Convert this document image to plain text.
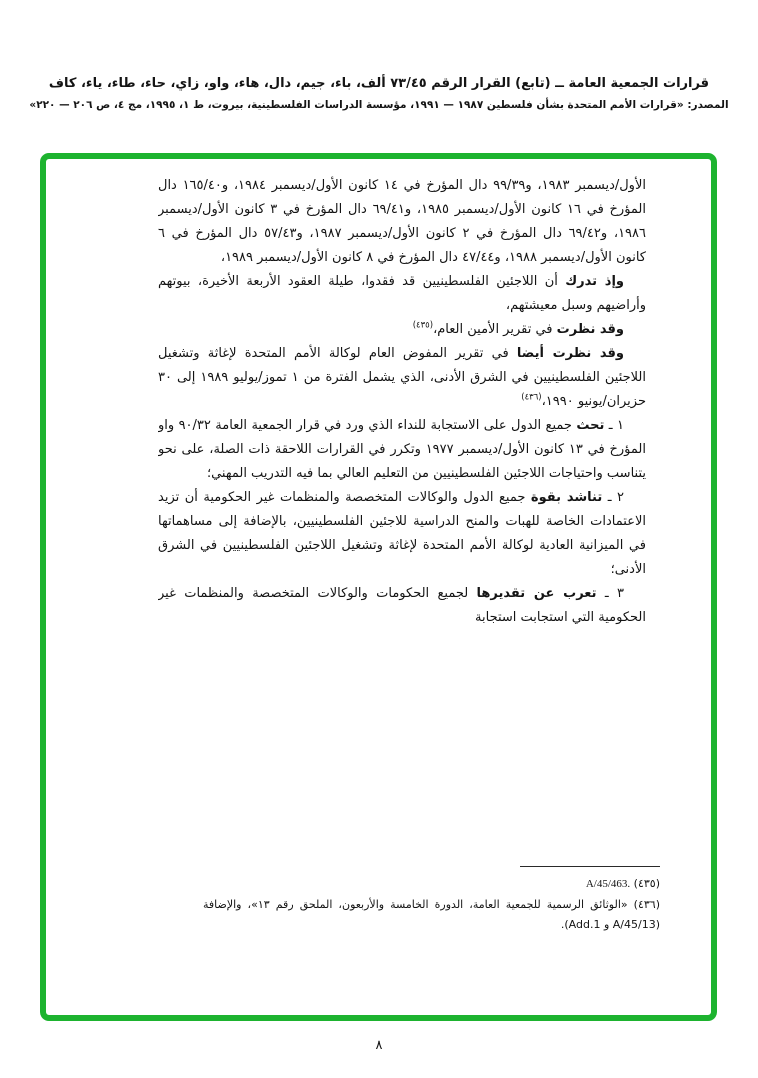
قرارات الجمعية العامة ــ (تابع) القرار الرقم ٧٣/٤٥ ألف، باء، جيم، دال، هاء، واو، زاي، حاء، طاء، ياء، كاف
المصدر: «قرارات الأمم المتحدة بشأن فلسطين ١٩٨٧ — ١٩٩١، مؤسسة الدراسات الفلسطينية، بيروت، ط ١، ١٩٩٥، مج ٤، ص ٢٠٦ — ٢٢٠»

الأول/ديسمبر ١٩٨٣، و٩٩/٣٩ دال المؤرخ في ١٤ كانون الأول/ديسمبر ١٩٨٤، و١٦٥/٤٠ دال المؤرخ في ١٦ كانون الأول/ديسمبر ١٩٨٥، و٦٩/٤١ دال المؤرخ في ٣ كانون الأول/ديسمبر ١٩٨٦، و٦٩/٤٢ دال المؤرخ في ٢ كانون الأول/ديسمبر ١٩٨٧، و٥٧/٤٣ دال المؤرخ في ٦ كانون الأول/ديسمبر ١٩٨٨، و٤٧/٤٤ دال المؤرخ في ٨ كانون الأول/ديسمبر ١٩٨٩،

وإذ تدرك أن اللاجئين الفلسطينيين قد فقدوا، طيلة العقود الأربعة الأخيرة، بيوتهم وأراضيهم وسبل معيشتهم،

وقد نظرت في تقرير الأمين العام،$^{(٤٣٥)}$

وقد نظرت أيضا في تقرير المفوض العام لوكالة الأمم المتحدة لإغاثة وتشغيل اللاجئين الفلسطينيين في الشرق الأدنى، الذي يشمل الفترة من ١ تموز/يوليو ١٩٨٩ إلى ٣٠ حزيران/يونيو ١٩٩٠،$^{(٤٣٦)}$

١ ـ تحث جميع الدول على الاستجابة للنداء الذي ورد في قرار الجمعية العامة ٩٠/٣٢ واو المؤرخ في ١٣ كانون الأول/ديسمبر ١٩٧٧ وتكرر في القرارات اللاحقة ذات الصلة، على نحو يتناسب واحتياجات اللاجئين الفلسطينيين من التعليم العالي بما فيه التدريب المهني؛

٢ ـ تناشد بقوة جميع الدول والوكالات المتخصصة والمنظمات غير الحكومية أن تزيد الاعتمادات الخاصة للهبات والمنح الدراسية للاجئين الفلسطينيين، بالإضافة إلى مساهماتها في الميزانية العادية لوكالة الأمم المتحدة لإغاثة وتشغيل اللاجئين الفلسطينيين في الشرق الأدنى؛

٣ ـ تعرب عن تقديرها لجميع الحكومات والوكالات المتخصصة والمنظمات غير الحكومية التي استجابت استجابة

(٤٣٥) A/45/463.
(٤٣٦) «الوثائق الرسمية للجمعية العامة، الدورة الخامسة والأربعون، الملحق رقم ١٣»، والإضافة (A/45/13 و Add.1).
٨
